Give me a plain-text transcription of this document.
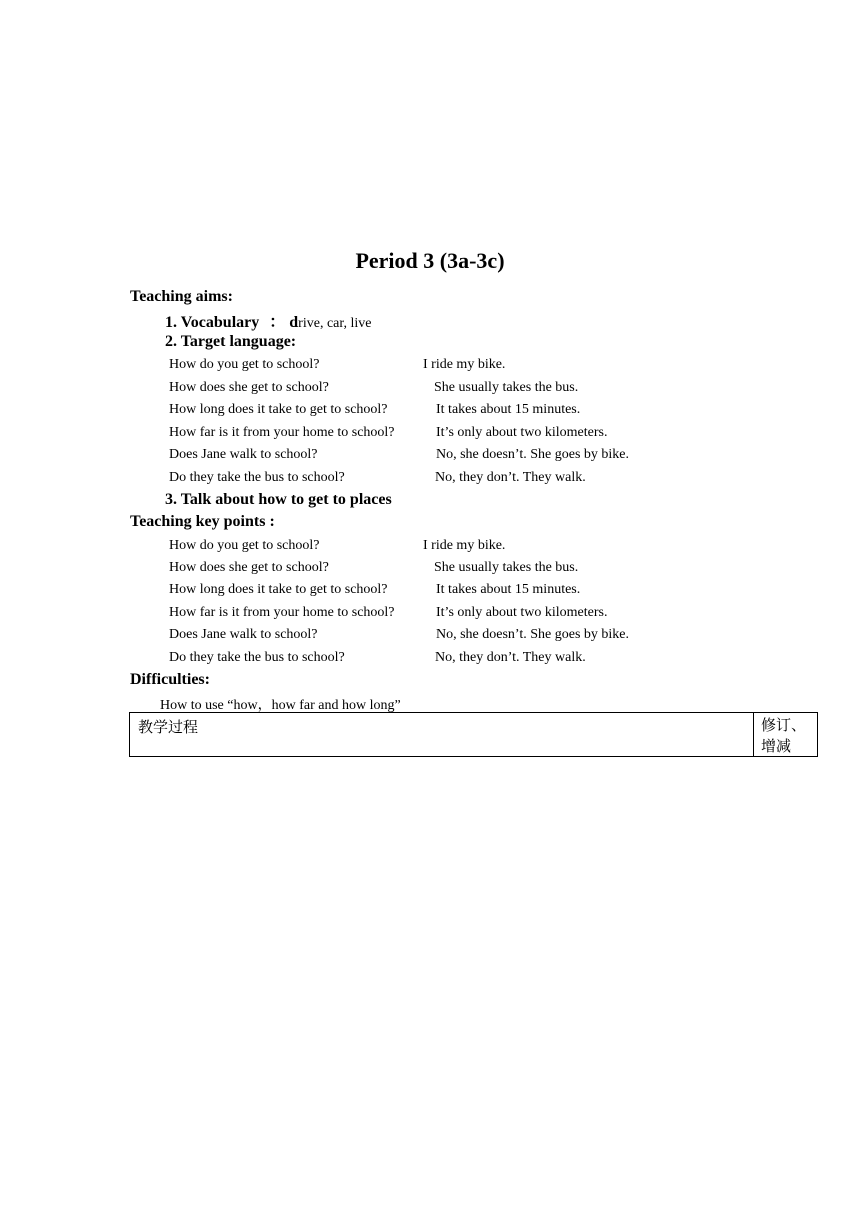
Period 3 (3a-3c)
Teaching aims:
1. Vocabulary ： drive, car, live
2. Target language:
How do you get to school?	I ride my bike.
How does she get to school?	She usually takes the bus.
How long does it take to get to school?	It takes about 15 minutes.
How far is it from your home to school?	It’s only about two kilometers.
Does Jane walk to school?	No, she doesn’t. She goes by bike.
Do they take the bus to school?	No, they don’t. They walk.
3. Talk about how to get to places
Teaching key points :
How do you get to school?	I ride my bike.
How does she get to school?	She usually takes the bus.
How long does it take to get to school?	It takes about 15 minutes.
How far is it from your home to school?	It’s only about two kilometers.
Does Jane walk to school?	No, she doesn’t. She goes by bike.
Do they take the bus to school?	No, they don’t. They walk.
Difficulties:
How to use “how，how far and how long”
教学过程	修订、
增减
